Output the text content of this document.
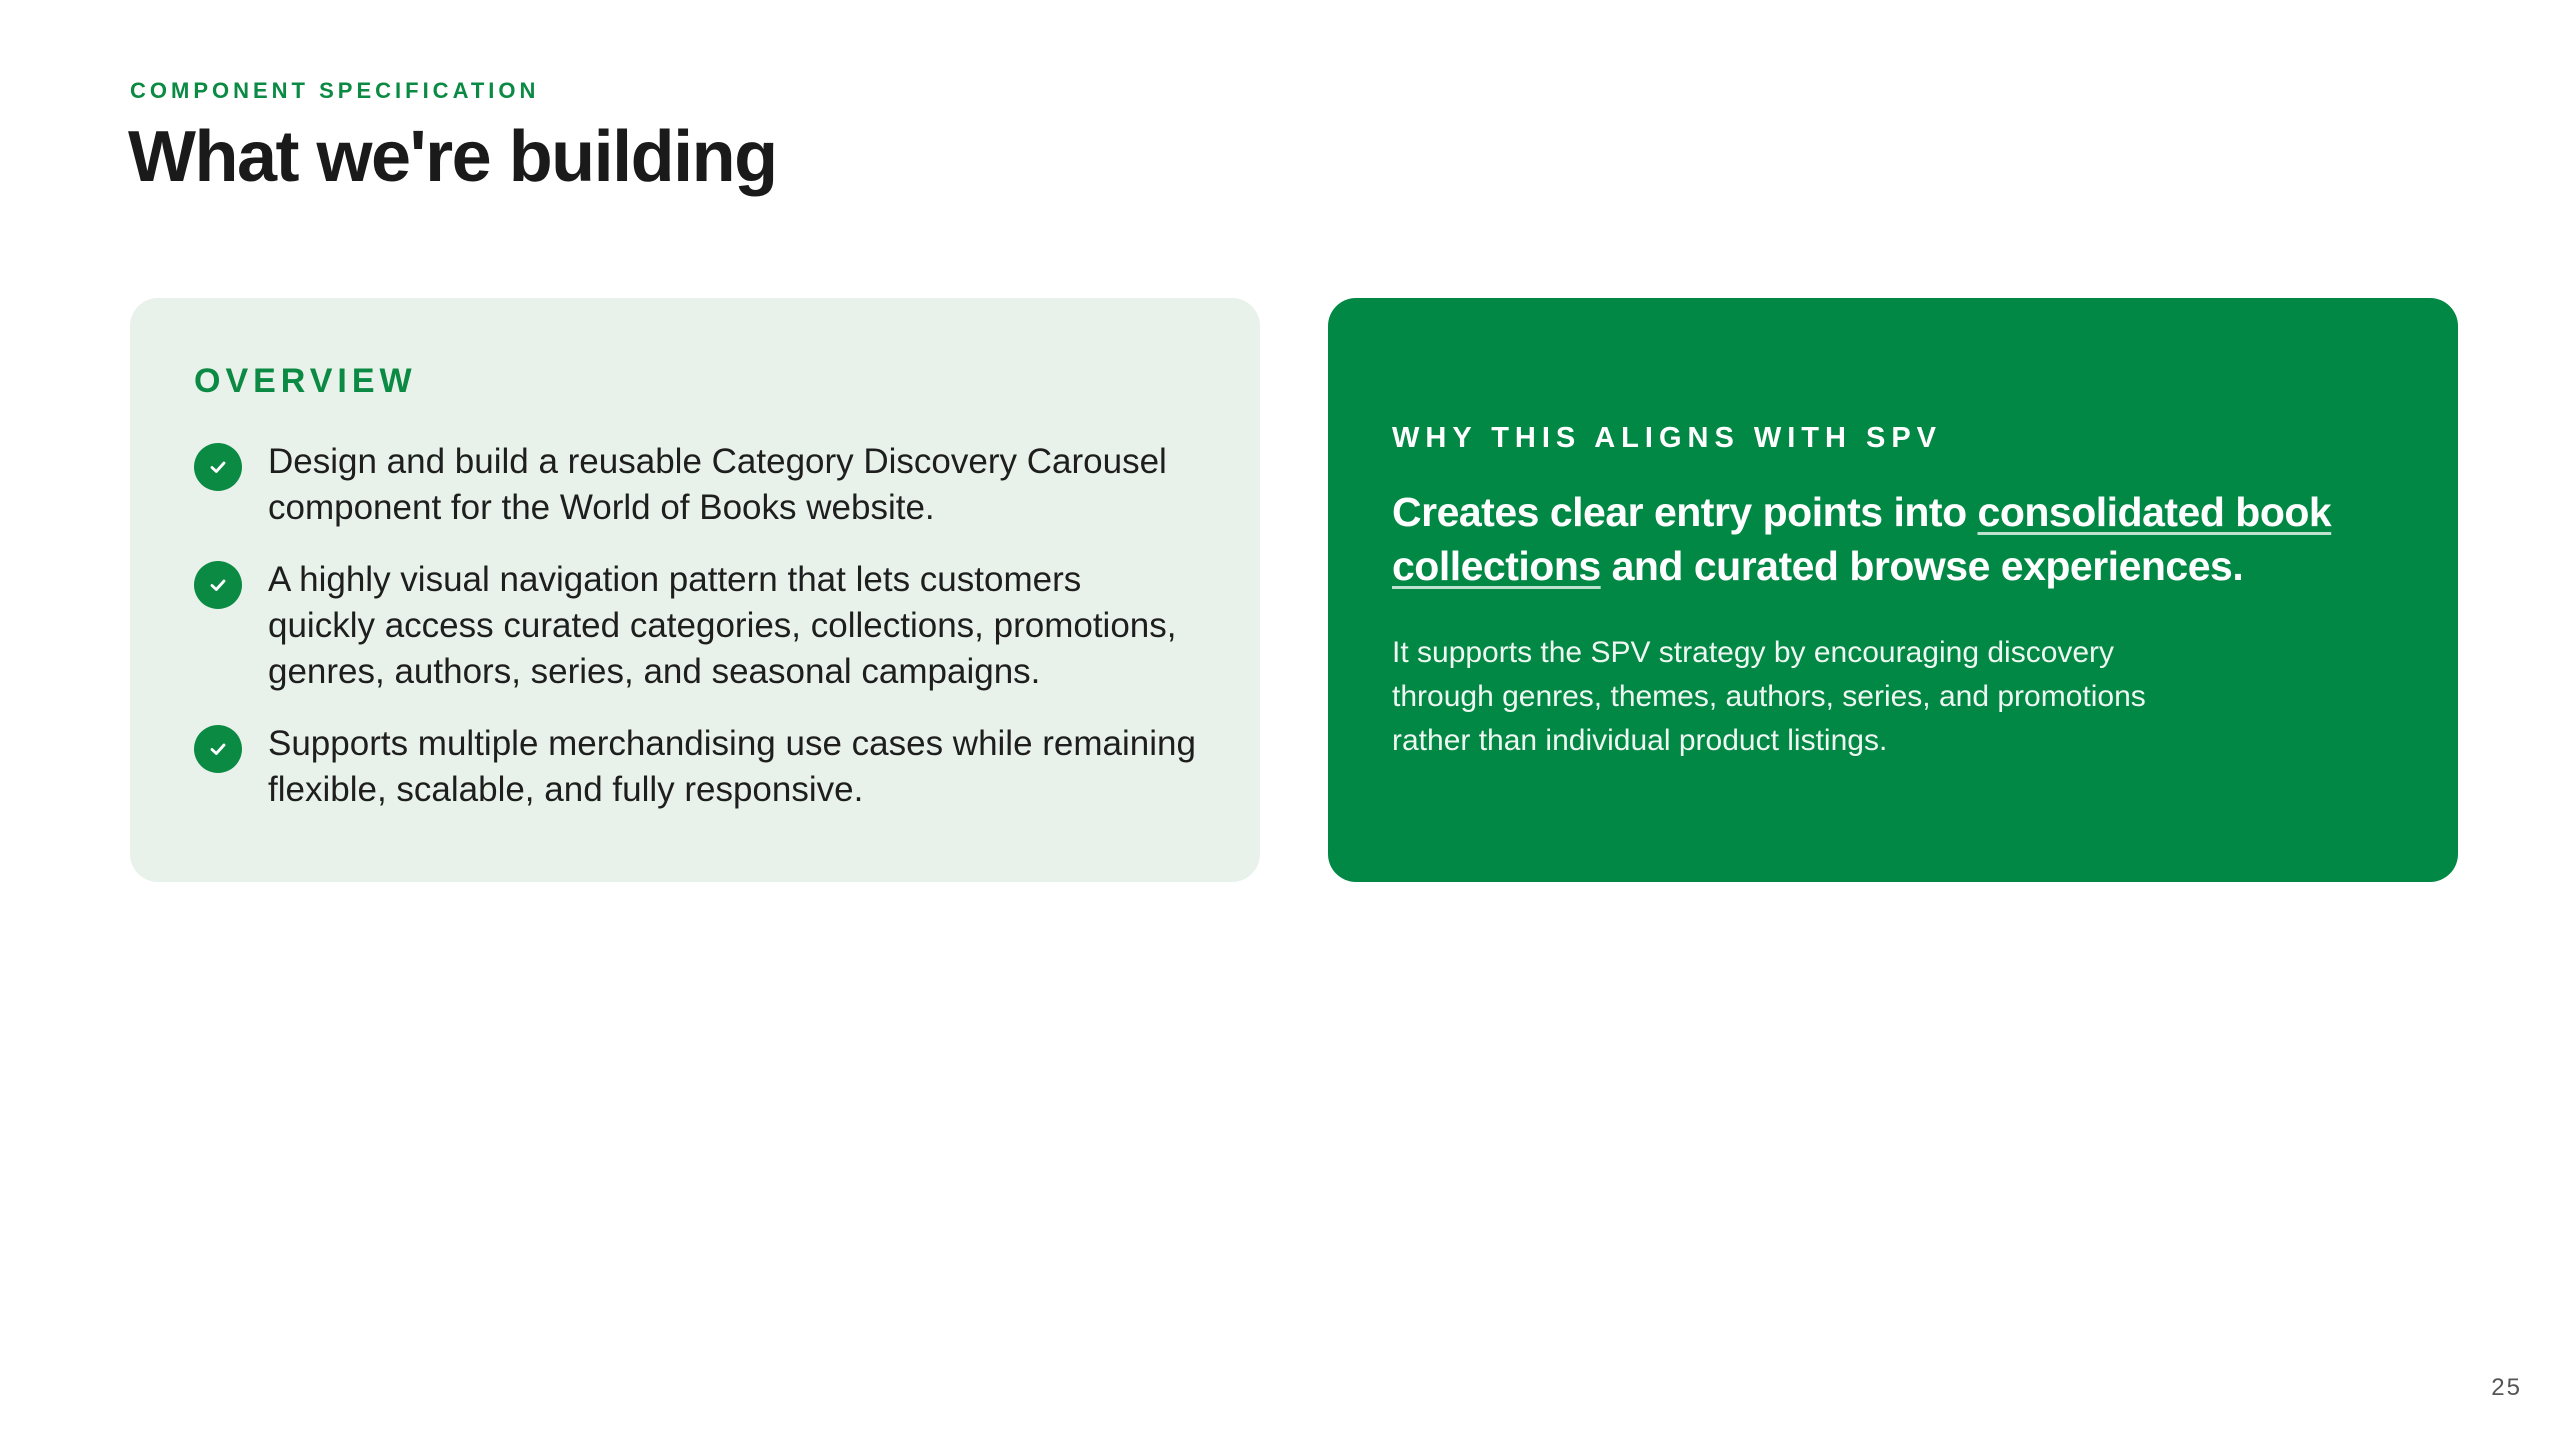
COMPONENT SPECIFICATION
What we're building
OVERVIEW
Design and build a reusable Category Discovery Carousel component for the World of Books website.
A highly visual navigation pattern that lets customers quickly access curated categories, collections, promotions, genres, authors, series, and seasonal campaigns.
Supports multiple merchandising use cases while remaining flexible, scalable, and fully responsive.
WHY THIS ALIGNS WITH SPV

Creates clear entry points into consolidated book collections and curated browse experiences.

It supports the SPV strategy by encouraging discovery through genres, themes, authors, series, and promotions rather than individual product listings.

25
